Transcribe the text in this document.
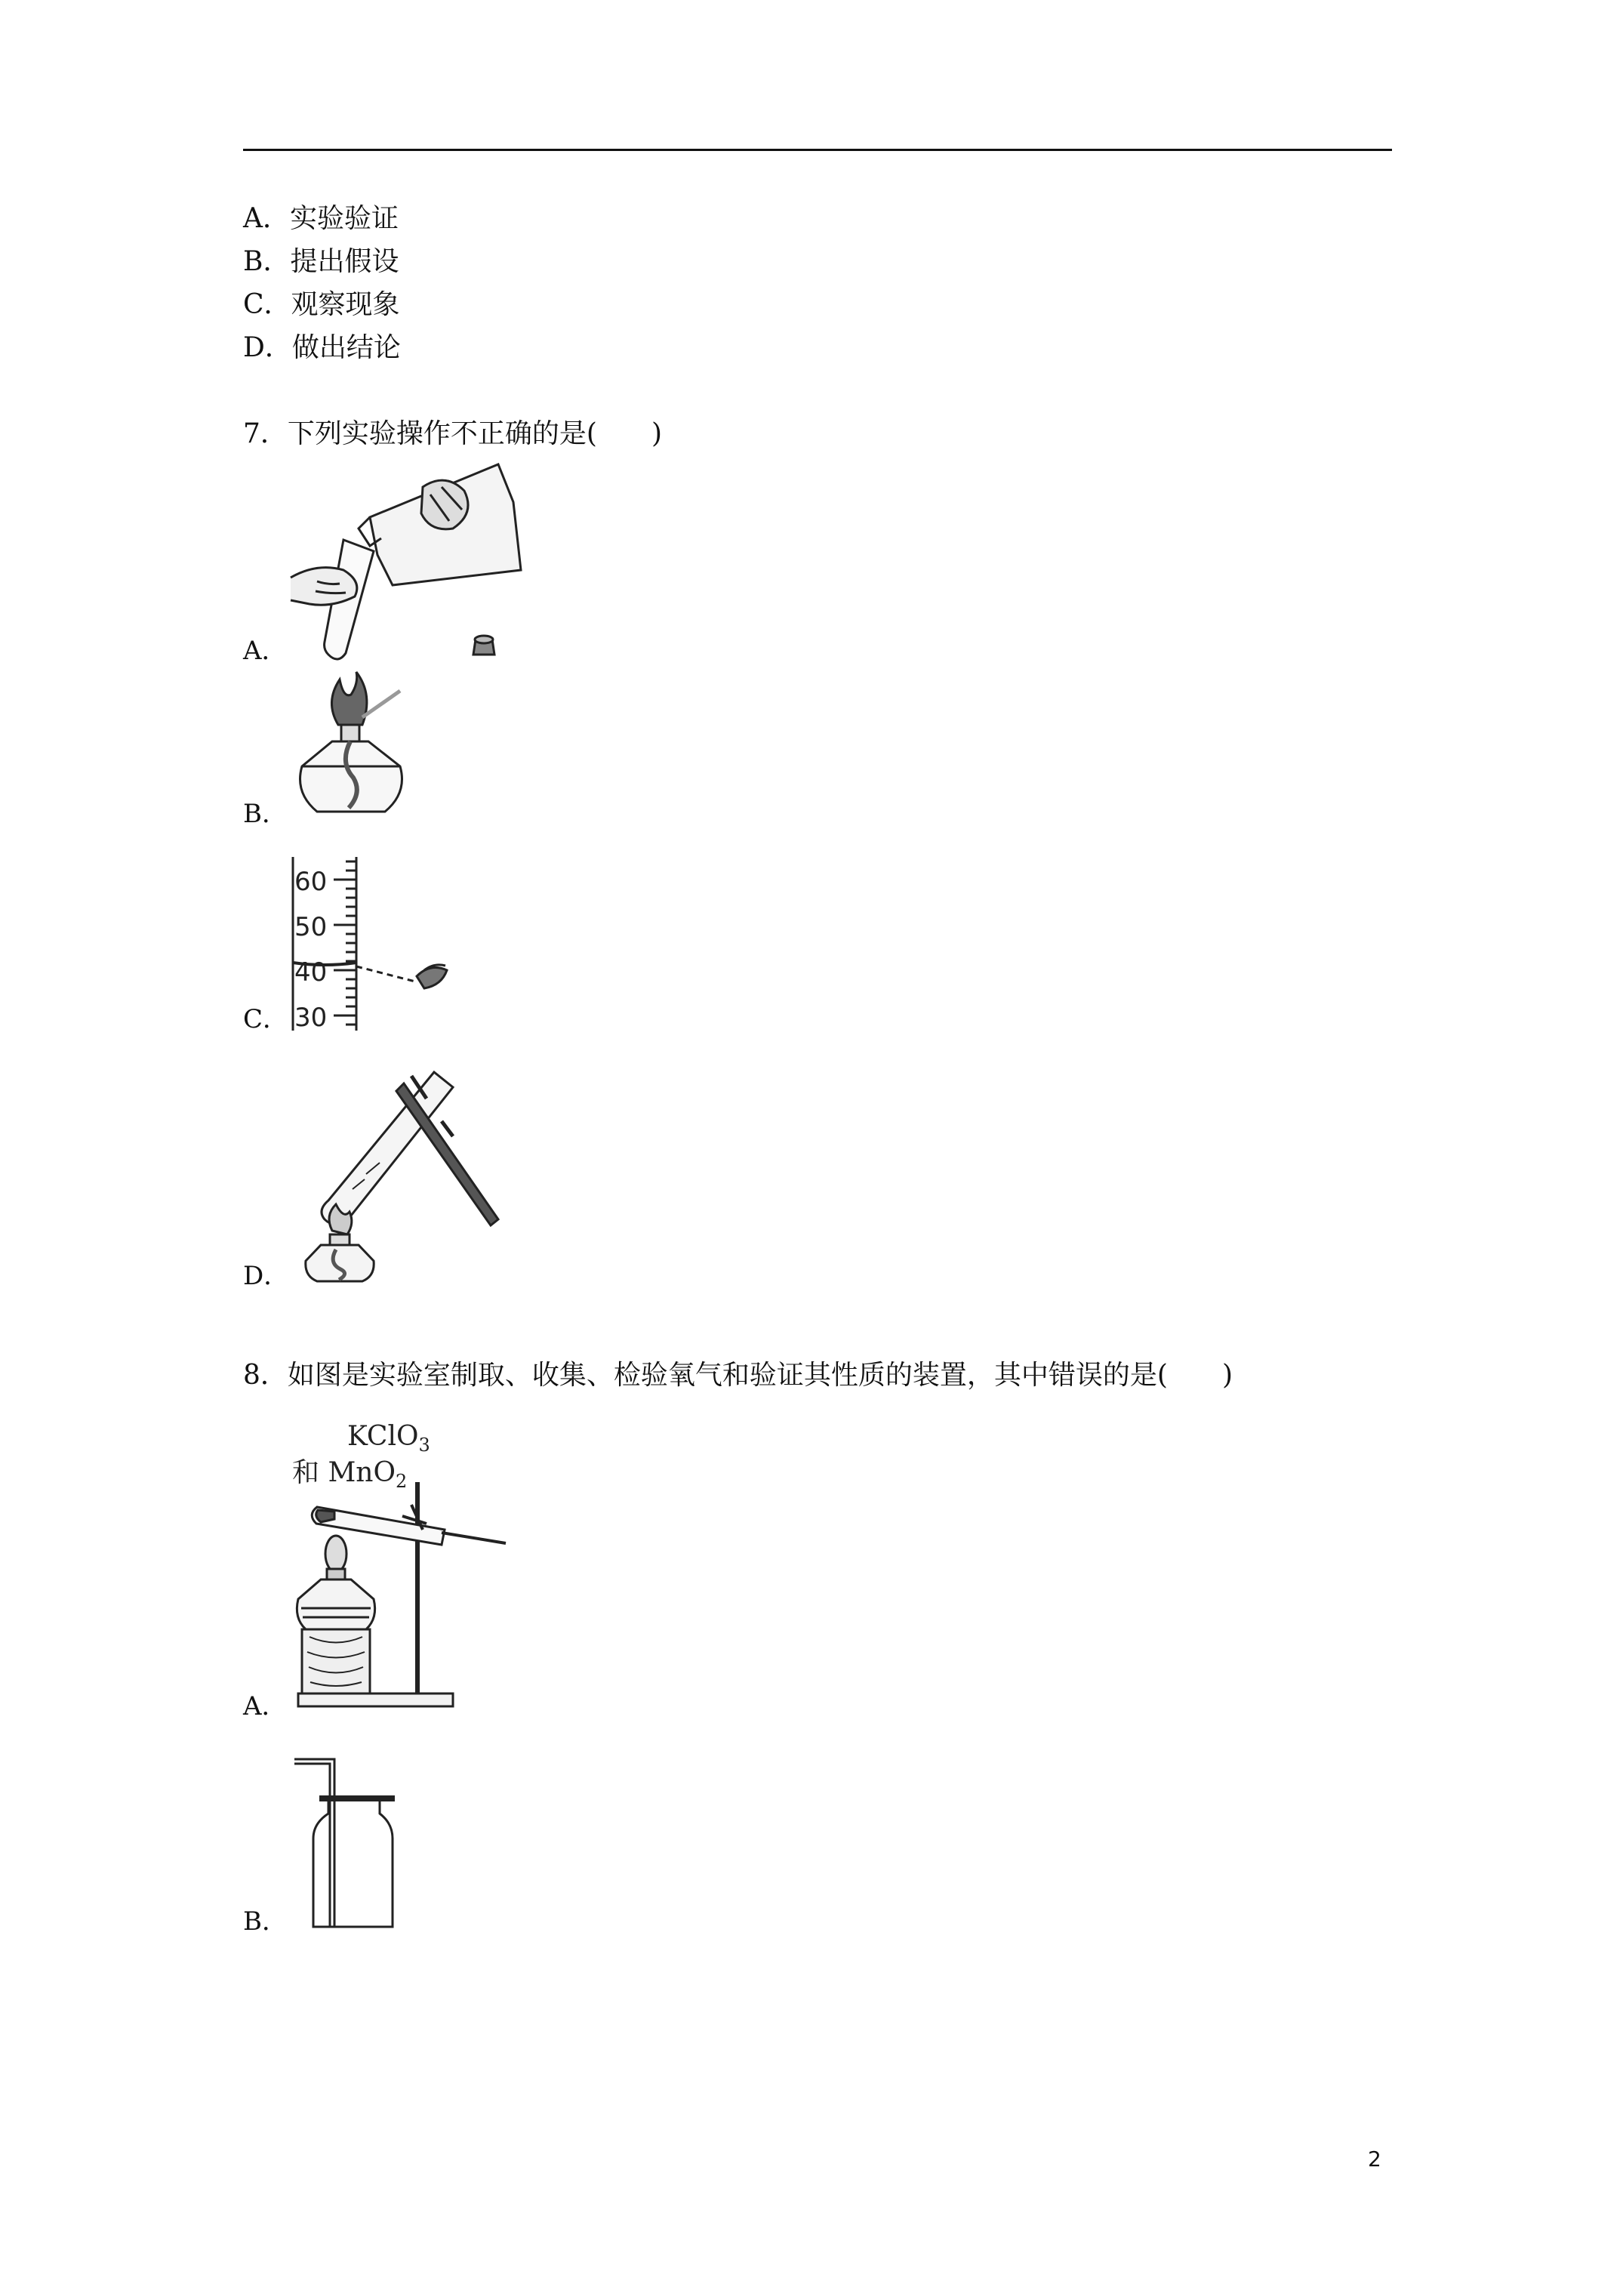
A．实验验证
B．提出假设
C．观察现象
D．做出结论
7．下列实验操作不正确的是(　　)
A．
B．
C．
60
50
40
30
D．
8．如图是实验室制取、收集、检验氧气和验证其性质的装置，其中错误的是(　　)
A．
KClO$_3$
和 MnO$_2$
B．
2
